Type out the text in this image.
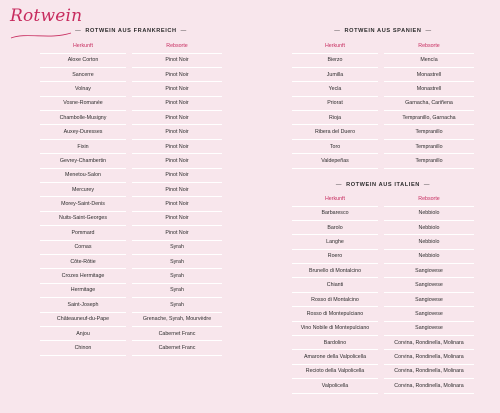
Rotwein
— ROTWEIN AUS FRANKREICH —
Herkunft		Rebsorte
Aloxe Corton		Pinot Noir
Sancerre		Pinot Noir
Volnay		Pinot Noir
Vosne-Romanée		Pinot Noir
Chambolle-Musigny		Pinot Noir
Auxey-Duresses		Pinot Noir
Fixin		Pinot Noir
Gevrey-Chambertin		Pinot Noir
Menetou-Salon		Pinot Noir
Mercurey		Pinot Noir
Morey-Saint-Denis		Pinot Noir
Nuits-Saint-Georges		Pinot Noir
Pommard		Pinot Noir
Cornas		Syrah
Côte-Rôtie		Syrah
Crozes Hermitage		Syrah
Hermitage		Syrah
Saint-Joseph		Syrah
Châteauneuf-du-Pape		Grenache, Syrah, Mourvèdre
Anjou		Cabernet Franc
Chinon		Cabernet Franc
— ROTWEIN AUS SPANIEN —
Herkunft		Rebsorte
Bierzo		Mencía
Jumilla		Monastrell
Yecla		Monastrell
Priorat		Garnacha, Cariñena
Rioja		Tempranillo, Garnacha
Ribera del Duero		Tempranillo
Toro		Tempranillo
Valdepeñas		Tempranillo
— ROTWEIN AUS ITALIEN —
Herkunft		Rebsorte
Barbaresco		Nebbiolo
Barolo		Nebbiolo
Langhe		Nebbiolo
Roero		Nebbiolo
Brunello di Montalcino		Sangiovese
Chianti		Sangiovese
Rosso di Montalcino		Sangiovese
Rosso di Montepulciano		Sangiovese
Vino Nobile di Montepulciano		Sangiovese
Bardolino		Corvina, Rondinella, Molinara
Amarone della Valpolicella		Corvina, Rondinella, Molinara
Recioto della Valpolicella		Corvina, Rondinella, Molinara
Valpolicella		Corvina, Rondinella, Molinara
